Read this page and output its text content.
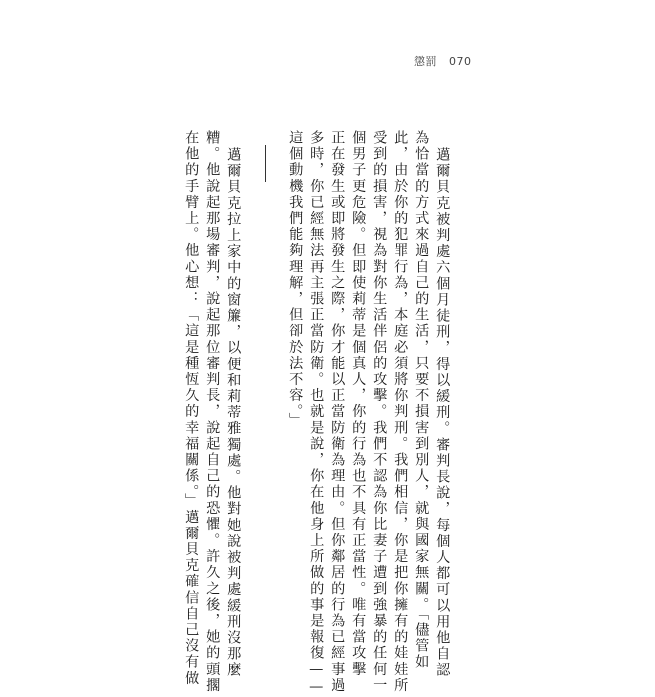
懲罰 070
邁爾貝克被判處六個月徒刑，得以緩刑。審判長說，每個人都可以用他自認
為恰當的方式來過自己的生活，只要不損害到別人，就與國家無關。「儘管如
此，由於你的犯罪行為，本庭必須將你判刑。我們相信，你是把你擁有的娃娃所
受到的損害，視為對你生活伴侶的攻擊。我們不認為你比妻子遭到強暴的任何一
個男子更危險。但即使莉蒂是個真人，你的行為也不具有正當性。唯有當攻擊
正在發生或即將發生之際，你才能以正當防衛為理由。但你鄰居的行為已經事過
多時，你已經無法再主張正當防衛。也就是說，你在他身上所做的事是報復——
這個動機我們能夠理解，但卻於法不容。」
邁爾貝克拉上家中的窗簾，以便和莉蒂雅獨處。他對她說被判處緩刑沒那麼
糟。他說起那場審判，說起那位審判長，說起自己的恐懼。許久之後，她的頭擱
在他的手臂上。他心想：「這是種恆久的幸福關係。」邁爾貝克確信自己沒有做
